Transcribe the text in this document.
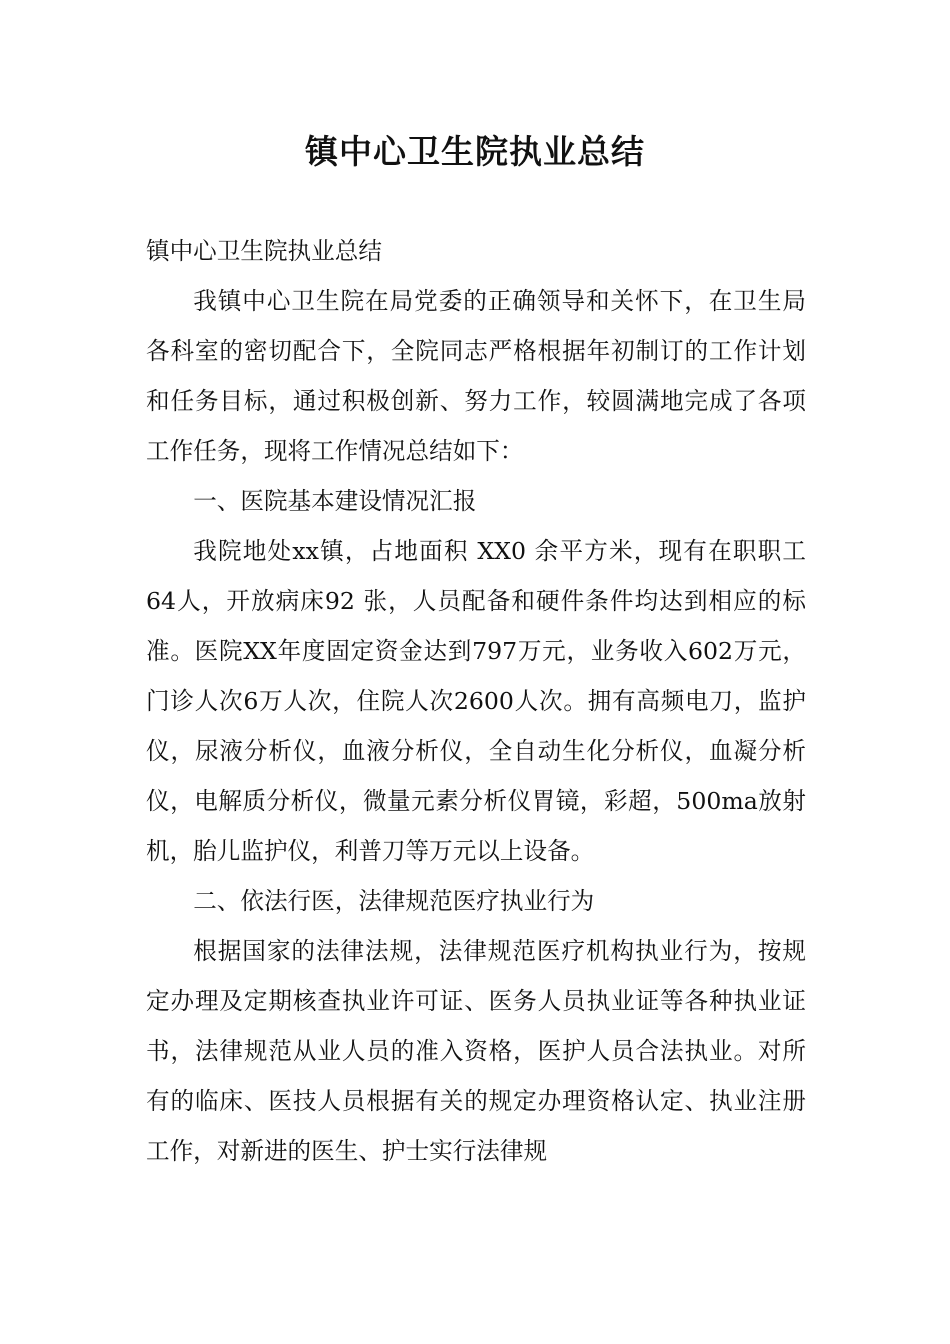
镇中心卫生院执业总结

镇中心卫生院执业总结

我镇中心卫生院在局党委的正确领导和关怀下，在卫生局各科室的密切配合下，全院同志严格根据年初制订的工作计划和任务目标，通过积极创新、努力工作，较圆满地完成了各项工作任务，现将工作情况总结如下：

一、医院基本建设情况汇报

我院地处xx镇，占地面积 XX0 余平方米，现有在职职工 64人，开放病床92 张，人员配备和硬件条件均达到相应的标准。医院XX年度固定资金达到797万元，业务收入602万元，门诊人次6万人次，住院人次2600人次。拥有高频电刀，监护仪，尿液分析仪，血液分析仪，全自动生化分析仪，血凝分析仪，电解质分析仪，微量元素分析仪胃镜，彩超，500ma放射机，胎儿监护仪，利普刀等万元以上设备。

二、依法行医，法律规范医疗执业行为

根据国家的法律法规，法律规范医疗机构执业行为，按规定办理及定期核查执业许可证、医务人员执业证等各种执业证书，法律规范从业人员的准入资格，医护人员合法执业。对所有的临床、医技人员根据有关的规定办理资格认定、执业注册工作，对新进的医生、护士实行法律规
